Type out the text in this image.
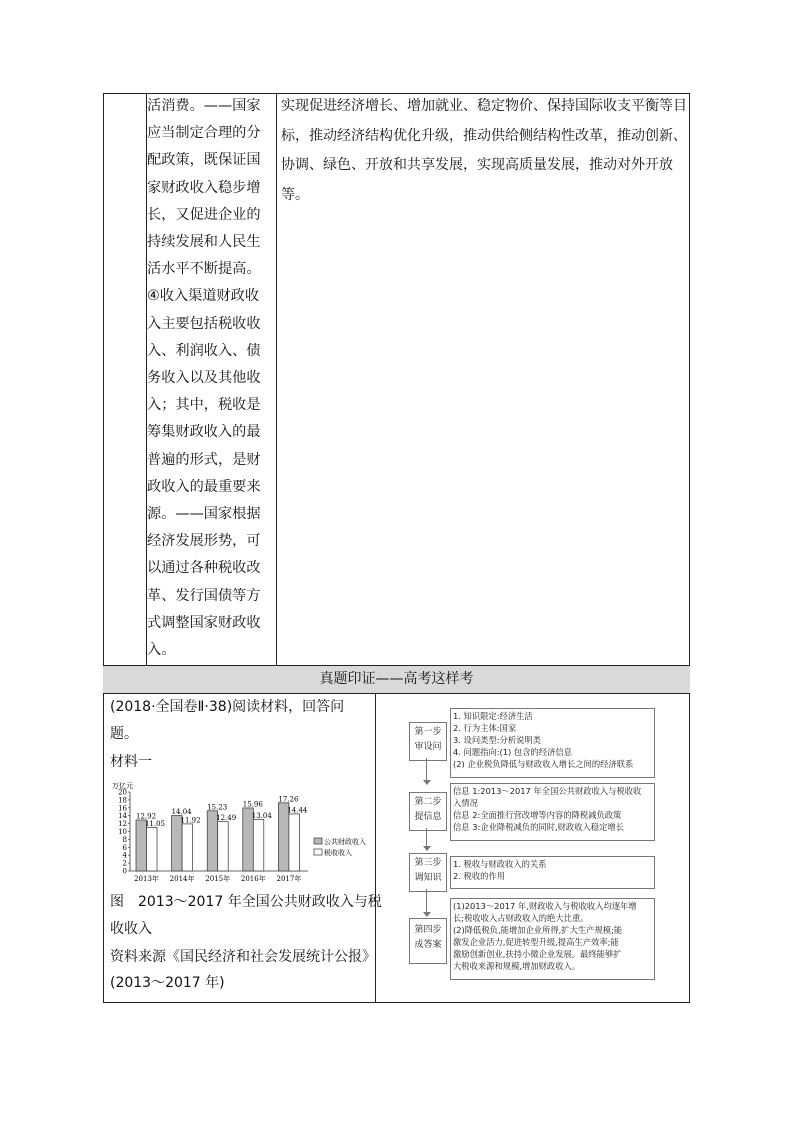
活消费。——国家
应当制定合理的分
配政策，既保证国
家财政收入稳步增
长，又促进企业的
持续发展和人民生
活水平不断提高。
④收入渠道财政收
入主要包括税收收
入、利润收入、债
务收入以及其他收
入；其中，税收是
筹集财政收入的最
普遍的形式，是财
政收入的最重要来
源。——国家根据
经济发展形势，可
以通过各种税收改
革、发行国债等方
式调整国家财政收
入。
实现促进经济增长、增加就业、稳定物价、保持国际收支平衡等目
标，推动经济结构优化升级，推动供给侧结构性改革，推动创新、
协调、绿色、开放和共享发展，实现高质量发展，推动对外开放等。
真题印证——高考这样考
(2018·全国卷Ⅱ·38)阅读材料，回答问
题。
材料一
万亿元
0
2
4
6
8
10
12
14
16
18
20
12.92
11.05
2013年
14.04
11.92
2014年
15.23
12.49
2015年
15.96
13.04
2016年
17.26
14.44
2017年
公共财政收入
税收收入
图　2013～2017 年全国公共财政收入与税
收收入
资料来源《国民经济和社会发展统计公报》
(2013～2017 年)
第一步
审设问
1. 知识限定:经济生活
2. 行为主体:国家
3. 设问类型:分析说明类
4. 问题指向:(1) 包含的经济信息
(2) 企业税负降低与财政收入增长之间的经济联系
第二步
提信息
信息 1:2013～2017 年全国公共财政收入与税收收
入情况
信息 2:全面推行营改增等内容的降税减负政策
信息 3:企业降税减负的同时,财政收入稳定增长
第三步
调知识
1. 税收与财政收入的关系
2. 税收的作用
第四步
成答案
(1)2013～2017 年,财政收入与税收收入均逐年增
长;税收收入占财政收入的绝大比重。
(2)降低税负,能增加企业所得,扩大生产规模;能
激发企业活力,促进转型升级,提高生产效率;能
激励创新创业,扶持小微企业发展。最终能够扩
大税收来源和规模,增加财政收入。
